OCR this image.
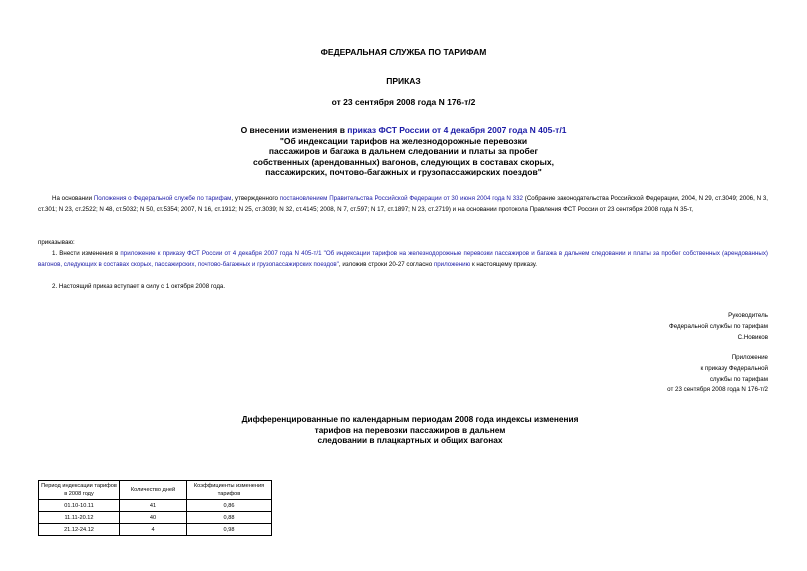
ФЕДЕРАЛЬНАЯ СЛУЖБА ПО ТАРИФАМ
ПРИКАЗ
от 23 сентября 2008 года N 176-т/2
О внесении изменения в приказ ФСТ России от 4 декабря 2007 года N 405-т/1
"Об индексации тарифов на железнодорожные перевозки
пассажиров и багажа в дальнем следовании и платы за пробег
собственных (арендованных) вагонов, следующих в составах скорых,
пассажирских, почтово-багажных и грузопассажирских поездов"
На основании Положения о Федеральной службе по тарифам, утвержденного постановлением Правительства Российской Федерации от 30 июня 2004 года N 332 (Собрание законодательства Российской Федерации, 2004, N 29, ст.3049; 2006, N 3, ст.301; N 23, ст.2522; N 48, ст.5032; N 50, ст.5354; 2007, N 16, ст.1912; N 25, ст.3039; N 32, ст.4145; 2008, N 7, ст.597; N 17, ст.1897; N 23, ст.2719) и на основании протокола Правления ФСТ России от 23 сентября 2008 года N 35-т,
приказываю:
1. Внести изменения в приложение к приказу ФСТ России от 4 декабря 2007 года N 405-т/1 "Об индексации тарифов на железнодорожные перевозки пассажиров и багажа в дальнем следовании и платы за пробег собственных (арендованных) вагонов, следующих в составах скорых, пассажирских, почтово-багажных и грузопассажирских поездов", изложив строки 20-27 согласно приложению к настоящему приказу.
2. Настоящий приказ вступает в силу с 1 октября 2008 года.
Руководитель
Федеральной службы по тарифам
С.Новиков
Приложение
к приказу Федеральной
службы по тарифам
от 23 сентября 2008 года N 176-т/2
Дифференцированные по календарным периодам 2008 года индексы изменения
тарифов на перевозки пассажиров в дальнем
следовании в плацкартных и общих вагонах
Период индексации тарифов в 2008 году	Количество дней	Коэффициенты изменения тарифов
01.10-10.11	41	0,86
11.11-20.12	40	0,88
21.12-24.12	4	0,98
